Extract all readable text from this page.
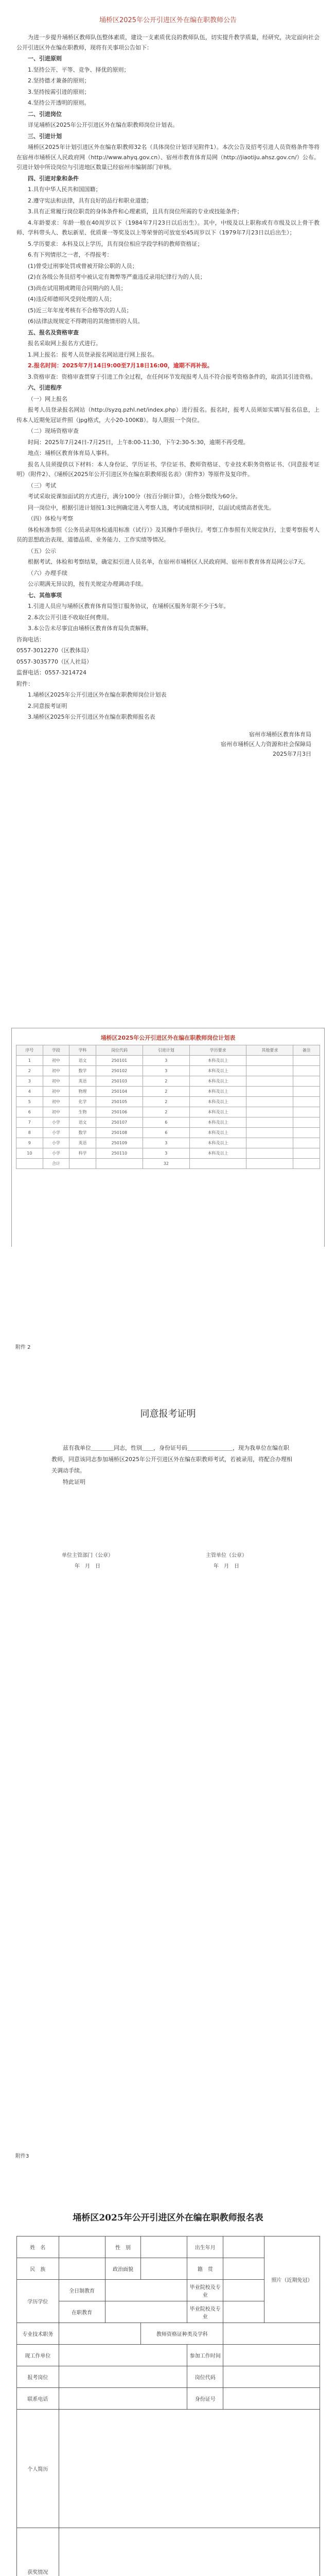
埇桥区2025年公开引进区外在编在职教师公告

为进一步提升埇桥区教师队伍整体素质，建设一支素质优良的教师队伍，切实提升教学质量，经研究，决定面向社会公开引进区外在编在职教师，现将有关事项公告如下：

一、引进原则

1.坚持公开、平等、竞争、择优的原则；

2.坚持德才兼备的原则；

3.坚持按需引进的原则；

4.坚持公开透明的原则。

二、引进岗位

详见埇桥区2025年公开引进区外在编在职教师岗位计划表。

三、引进计划

埇桥区2025年计划引进区外在编在职教师32名（具体岗位计划详见附件1）。本次公告及招考引进人员资格条件等将在宿州市埇桥区人民政府网（http://www.ahyq.gov.cn）、宿州市教育体育局网（http://jiaotiju.ahsz.gov.cn/）公布。引进计划中所设岗位与引进地区数量已经宿州市编制部门审核。

四、引进对象和条件

1.具有中华人民共和国国籍；

2.遵守宪法和法律，具有良好的品行和职业道德；

3.具有正常履行岗位职责的身体条件和心理素质，且具有岗位所需的专业或技能条件；

4.年龄要求：年龄一般在40周岁以下（1984年7月23日以后出生）。其中，中级及以上职称或有市级及以上骨干教师、学科带头人、教坛新星、优质课一等奖及以上等荣誉的可放宽至45周岁以下（1979年7月23日以后出生）；

5.学历要求：本科及以上学历，具有岗位相应学段学科的教师资格证；

6.有下列情形之一者，不得报考：

(1)曾受过刑事处罚或曾被开除公职的人员；

(2)在各级公务员招考中被认定有舞弊等严重违反录用纪律行为的人员；

(3)尚在试用期或聘用合同期内的人员；

(4)违反师德师风受到处理的人员；

(5)近三年年度考核有不合格等次的人员；

(6)法律法规规定不得聘用的其他情形的人员。

五、报名及资格审查

报名采取网上报名方式进行。

1.网上报名：报考人员登录报名网站进行网上报名。

2.报名时间：2025年7月14日9:00至7月18日16:00，逾期不再补报。

3.资格审查：资格审查贯穿于引进工作全过程，在任何环节发现报考人员不符合报考资格条件的，取消其引进资格。

六、引进程序

（一）网上报名

报考人员登录报名网站（http://syzq.pzhl.net/index.php）进行报名。报名时，报考人员须如实填写报名信息，上传本人近期免冠证件照（jpg格式，大小20-100KB）。每人限报一个岗位。

（二）现场资格审查

时间：2025年7月24日-7月25日，上午8:00-11:30，下午2:30-5:30，逾期不再受理。

地点：埇桥区教育体育局人事科。

报名人员须提供以下材料：本人身份证、学历证书、学位证书、教师资格证、专业技术职务资格证书、《同意报考证明》（附件2）、《埇桥区2025年公开引进区外在编在职教师报名表》（附件3）等原件及复印件。

（三）考试

考试采取说课加面试的方式进行，满分100分（按百分制计算），合格分数线为60分。

同一岗位中，根据引进计划按1:3比例确定进入考察人选，考试成绩相同时，以面试成绩高者优先。

（四）体检与考察

体检标准参照《公务员录用体检通用标准（试行）》及其操作手册执行。考察工作参照有关规定执行，主要考察报考人员的思想政治表现、道德品质、业务能力、工作实绩等情况。

（五）公示

根据考试、体检和考察结果，确定拟引进人员名单，在宿州市埇桥区人民政府网、宿州市教育体育局网公示7天。

（六）办理手续

公示期满无异议的，按有关规定办理调动手续。

七、其他事项

1.引进人员应与埇桥区教育体育局签订服务协议，在埇桥区服务年限不少于5年。

2.本次公开引进不收取任何费用。

3.本公告未尽事宜由埇桥区教育体育局负责解释。

咨询电话：

0557-3012270（区教体局）

0557-3035770（区人社局）

监督电话：0557-3214724

附件：

1.埇桥区2025年公开引进区外在编在职教师岗位计划表

2.同意报考证明

3.埇桥区2025年公开引进区外在编在职教师报名表

宿州市埇桥区教育体育局
宿州市埇桥区人力资源和社会保障局
2025年7月3日
埇桥区2025年公开引进区外在编在职教师岗位计划表
序号	学段	学科	岗位代码	引进计划	学历要求	其他要求	备注
1	初中	语文	250101	3	本科及以上		
2	初中	数学	250102	3	本科及以上		
3	初中	英语	250103	2	本科及以上		
4	初中	物理	250104	2	本科及以上		
5	初中	化学	250105	2	本科及以上		
6	初中	生物	250106	2	本科及以上		
7	小学	语文	250107	6	本科及以上		
8	小学	数学	250108	6	本科及以上		
9	小学	英语	250109	3	本科及以上		
10	小学	科学	250110	3	本科及以上		
	合计			32			
附件 2
同意报考证明

兹有我单位＿＿＿＿同志，性别＿＿，身份证号码＿＿＿＿＿＿＿＿，现为我单位在编在职教师，同意该同志参加埇桥区2025年公开引进区外在编在职教师考试，若被录用，将配合办理相关调动手续。

特此证明

单位主管部门（公章）
年　月　日
主管单位（公章）
年　月　日
附件3
埇桥区2025年公开引进区外在编在职教师报名表
姓　名		性　别		出生年月		照片（近期免冠）
民　族		政治面貌		籍　贯		
学历学位	全日制教育			毕业院校及专业		
	在职教育			毕业院校及专业		
专业技术职务			教师资格证种类及学科			
现工作单位				参加工作时间		
报考岗位				岗位代码		
联系电话				身份证号		
个人简历						
获奖情况						
